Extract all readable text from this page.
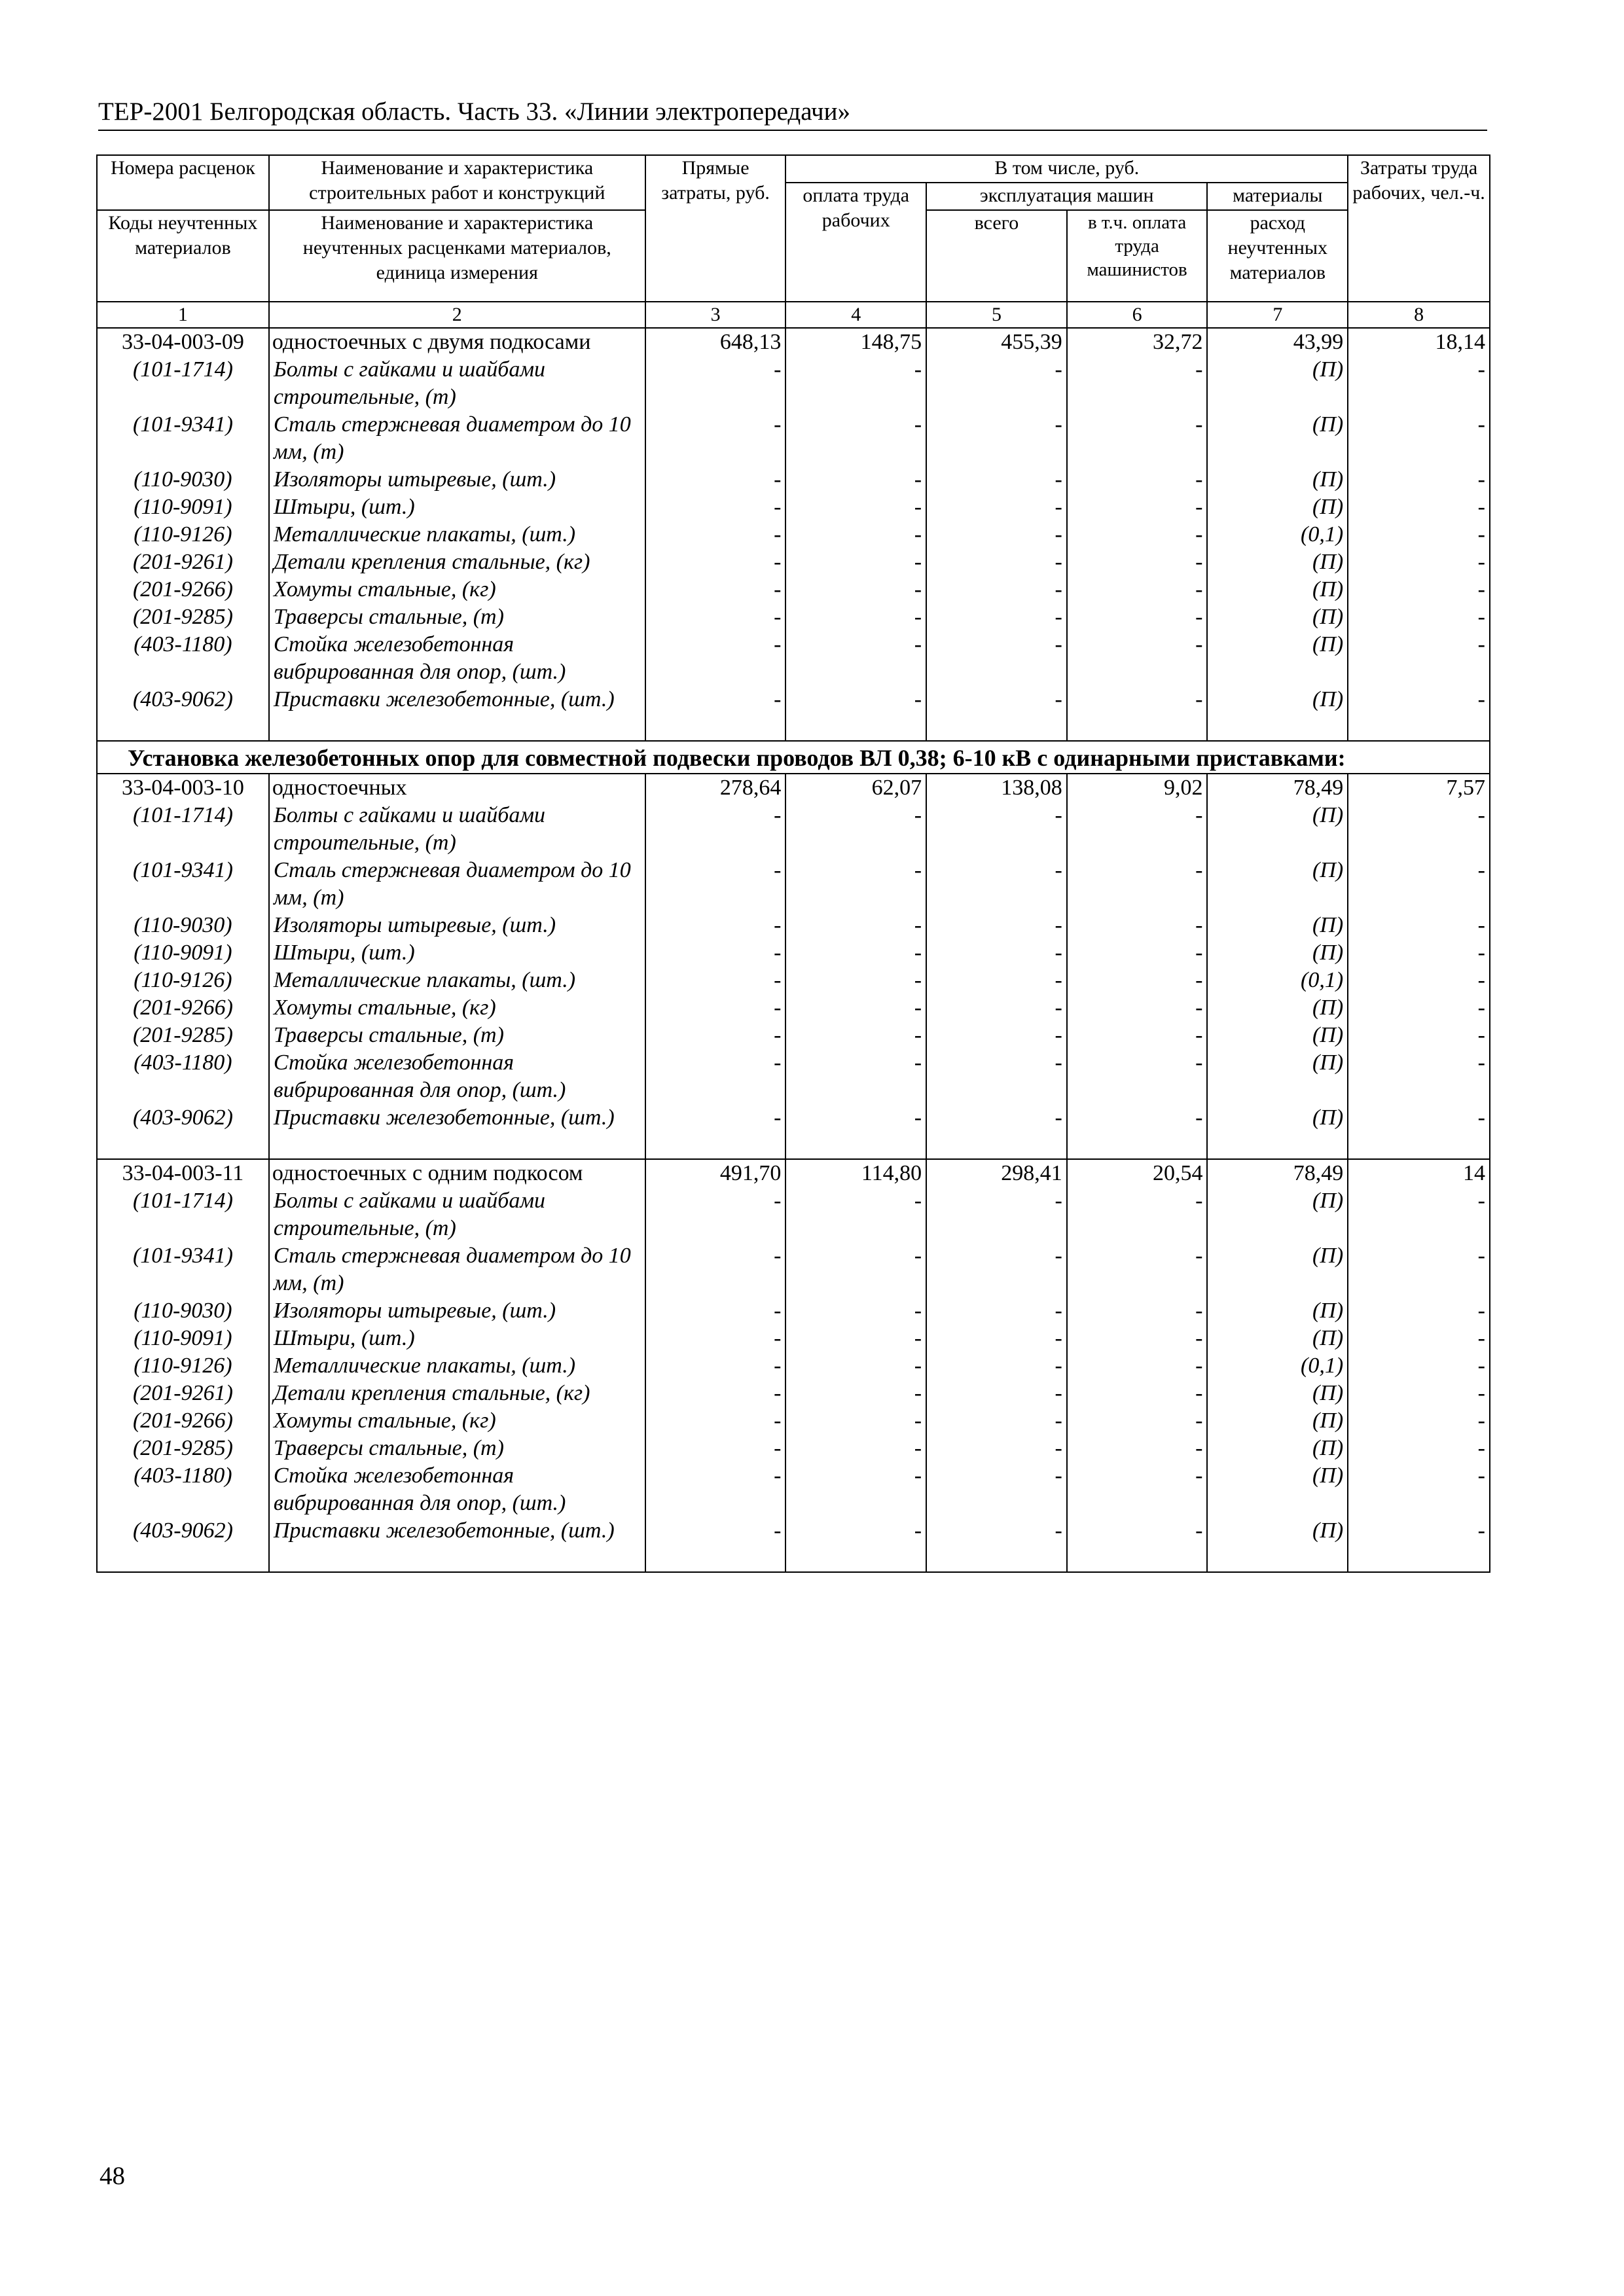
ТЕР-2001 Белгородская область. Часть 33. «Линии электропередачи»
Номера расценок	Наименование и характеристика строительных работ и конструкций	Прямые затраты, руб.	В том числе, руб.				Затраты труда рабочих, чел.-ч.
			оплата труда рабочих	эксплуатация машин		материалы	
Коды неучтенных материалов	Наименование и характеристика неучтенных расценками материалов, единица измерения			всего	в т.ч. оплата труда машинистов	расход неучтенных материалов	

1	2	3	4	5	6	7	8
33-04-003-09	одностоечных с двумя подкосами	648,13	148,75	455,39	32,72	43,99	18,14
(101-1714)	Болты с гайками и шайбами строительные, (т)	-	-	-	-	(П)	-
(101-9341)	Сталь стержневая диаметром до 10 мм, (т)	-	-	-	-	(П)	-
(110-9030)	Изоляторы штыревые, (шт.)	-	-	-	-	(П)	-
(110-9091)	Штыри, (шт.)	-	-	-	-	(П)	-
(110-9126)	Металлические плакаты, (шт.)	-	-	-	-	(0,1)	-
(201-9261)	Детали крепления стальные, (кг)	-	-	-	-	(П)	-
(201-9266)	Хомуты стальные, (кг)	-	-	-	-	(П)	-
(201-9285)	Траверсы стальные, (т)	-	-	-	-	(П)	-
(403-1180)	Стойка железобетонная вибрированная для опор, (шт.)	-	-	-	-	(П)	-
(403-9062)	Приставки железобетонные, (шт.)	-	-	-	-	(П)	-
Установка железобетонных опор для совместной подвески проводов ВЛ 0,38; 6-10 кВ с одинарными приставками:							
33-04-003-10	одностоечных	278,64	62,07	138,08	9,02	78,49	7,57
(101-1714)	Болты с гайками и шайбами строительные, (т)	-	-	-	-	(П)	-
(101-9341)	Сталь стержневая диаметром до 10 мм, (т)	-	-	-	-	(П)	-
(110-9030)	Изоляторы штыревые, (шт.)	-	-	-	-	(П)	-
(110-9091)	Штыри, (шт.)	-	-	-	-	(П)	-
(110-9126)	Металлические плакаты, (шт.)	-	-	-	-	(0,1)	-
(201-9266)	Хомуты стальные, (кг)	-	-	-	-	(П)	-
(201-9285)	Траверсы стальные, (т)	-	-	-	-	(П)	-
(403-1180)	Стойка железобетонная вибрированная для опор, (шт.)	-	-	-	-	(П)	-
(403-9062)	Приставки железобетонные, (шт.)	-	-	-	-	(П)	-
33-04-003-11	одностоечных с одним подкосом	491,70	114,80	298,41	20,54	78,49	14
(101-1714)	Болты с гайками и шайбами строительные, (т)	-	-	-	-	(П)	-
(101-9341)	Сталь стержневая диаметром до 10 мм, (т)	-	-	-	-	(П)	-
(110-9030)	Изоляторы штыревые, (шт.)	-	-	-	-	(П)	-
(110-9091)	Штыри, (шт.)	-	-	-	-	(П)	-
(110-9126)	Металлические плакаты, (шт.)	-	-	-	-	(0,1)	-
(201-9261)	Детали крепления стальные, (кг)	-	-	-	-	(П)	-
(201-9266)	Хомуты стальные, (кг)	-	-	-	-	(П)	-
(201-9285)	Траверсы стальные, (т)	-	-	-	-	(П)	-
(403-1180)	Стойка железобетонная вибрированная для опор, (шт.)	-	-	-	-	(П)	-
(403-9062)	Приставки железобетонные, (шт.)	-	-	-	-	(П)	-
48
